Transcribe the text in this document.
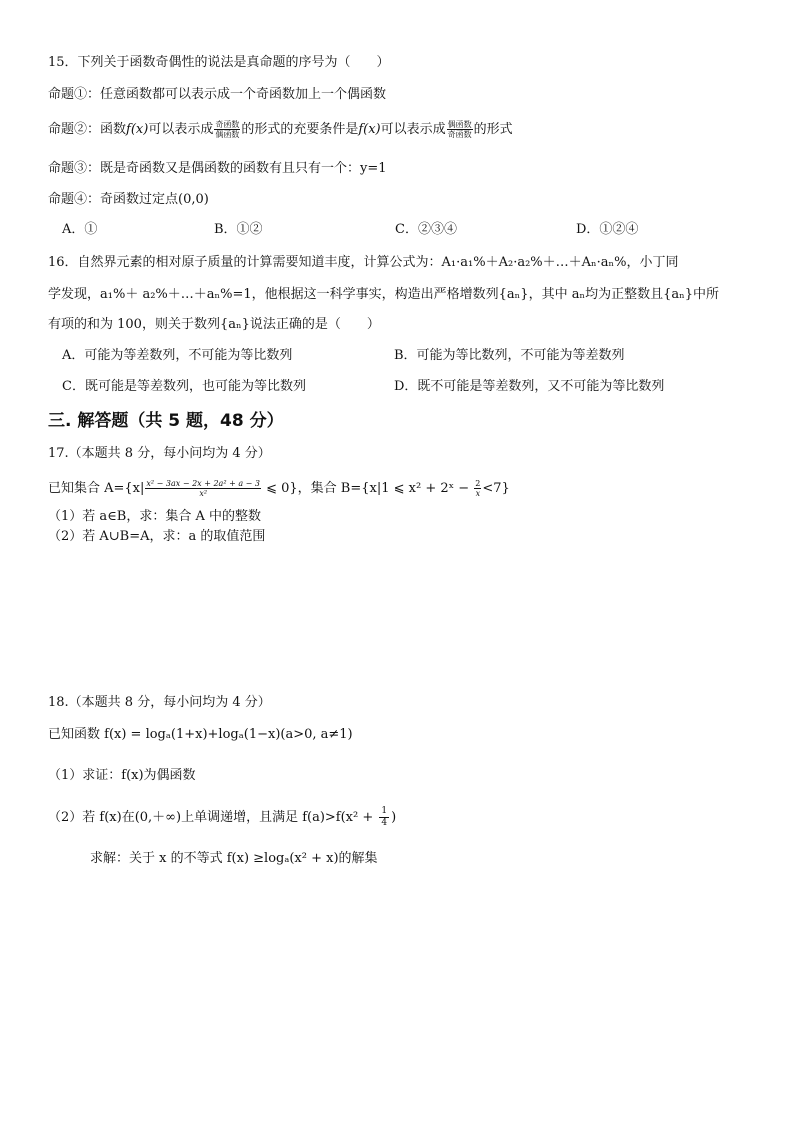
15．下列关于函数奇偶性的说法是真命题的序号为（　　）
命题①：任意函数都可以表示成一个奇函数加上一个偶函数
命题②：函数f(x)可以表示成 $\frac{\text{奇函数}}{\text{偶函数}}$ 的形式的充要条件是f(x)可以表示成 $\frac{\text{偶函数}}{\text{奇函数}}$ 的形式
命题③：既是奇函数又是偶函数的函数有且只有一个：y=1
命题④：奇函数过定点(0,0)
A．①	B．①②	C．②③④	D．①②④
16．自然界元素的相对原子质量的计算需要知道丰度，计算公式为：A₁·a₁%＋A₂·a₂%＋…＋Aₙ·aₙ%，小丁同
学发现，a₁%＋ a₂%＋…＋aₙ%=1，他根据这一科学事实，构造出严格增数列{aₙ}，其中 aₙ均为正整数且{aₙ}中所
有项的和为 100，则关于数列{aₙ}说法正确的是（　　）
A．可能为等差数列，不可能为等比数列	B．可能为等比数列，不可能为等差数列
C．既可能是等差数列，也可能为等比数列	D．既不可能是等差数列，又不可能为等比数列
三. 解答题（共 5 题，48 分）
17.（本题共 8 分，每小问均为 4 分）
已知集合 $A=\{x| \frac{\text{x² − 3ax − 2x + 2a² + a − 3}}{\text{x²}}$ ⩽ 0}，集合 B={x|1 ⩽ x² + 2ˣ − $\frac{2}{x} <7$}
（1）若 a∈B，求：集合 A 中的整数
（2）若 A∪B=A，求：a 的取值范围
18.（本题共 8 分，每小问均为 4 分）
已知函数 f(x) = logₐ(1+x)+logₐ(1−x)(a>0, a≠1)
（1）求证：f(x)为偶函数
（2）若 f(x)在(0,＋∞)上单调递增，且满足 $f(a)>f(x^2 + \frac{1}{4}$ )
求解：关于 x 的不等式 f(x) ≥logₐ(x² + x)的解集
